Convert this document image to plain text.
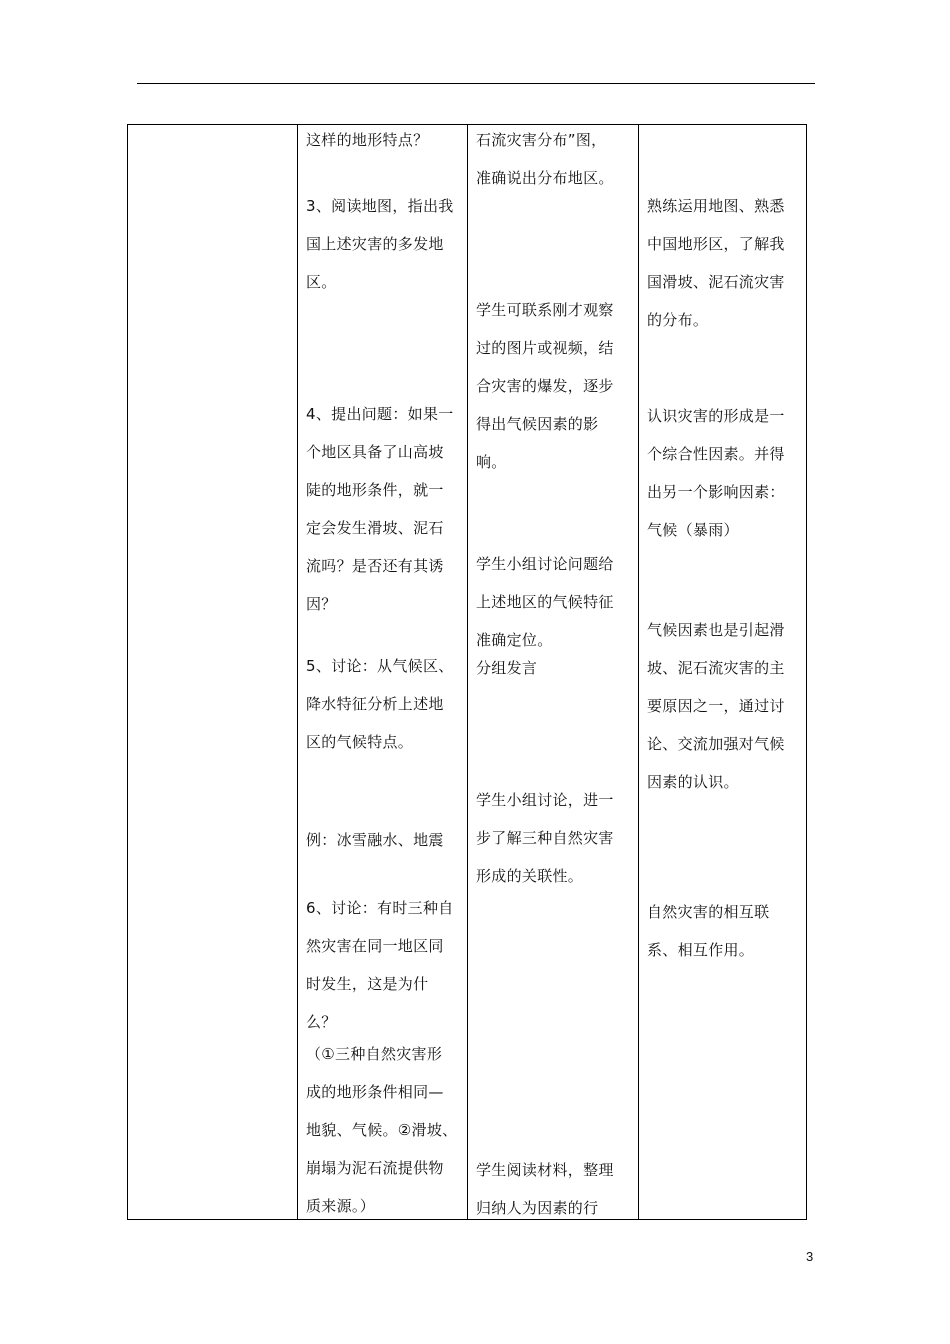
这样的地形特点？
3、阅读地图，指出我
国上述灾害的多发地
区。
4、提出问题：如果一
个地区具备了山高坡
陡的地形条件，就一
定会发生滑坡、泥石
流吗？是否还有其诱
因？
5、讨论：从气候区、
降水特征分析上述地
区的气候特点。
例：冰雪融水、地震
6、讨论：有时三种自
然灾害在同一地区同
时发生，这是为什
么？
（①三种自然灾害形
成的地形条件相同—
地貌、气候。②滑坡、
崩塌为泥石流提供物
质来源。）
石流灾害分布”图，
准确说出分布地区。
学生可联系刚才观察
过的图片或视频，结
合灾害的爆发，逐步
得出气候因素的影
响。
学生小组讨论问题给
上述地区的气候特征
准确定位。
分组发言
学生小组讨论，进一
步了解三种自然灾害
形成的关联性。
学生阅读材料，整理
归纳人为因素的行
熟练运用地图、熟悉
中国地形区，了解我
国滑坡、泥石流灾害
的分布。
认识灾害的形成是一
个综合性因素。并得
出另一个影响因素：
气候（暴雨）
气候因素也是引起滑
坡、泥石流灾害的主
要原因之一，通过讨
论、交流加强对气候
因素的认识。
自然灾害的相互联
系、相互作用。
3
